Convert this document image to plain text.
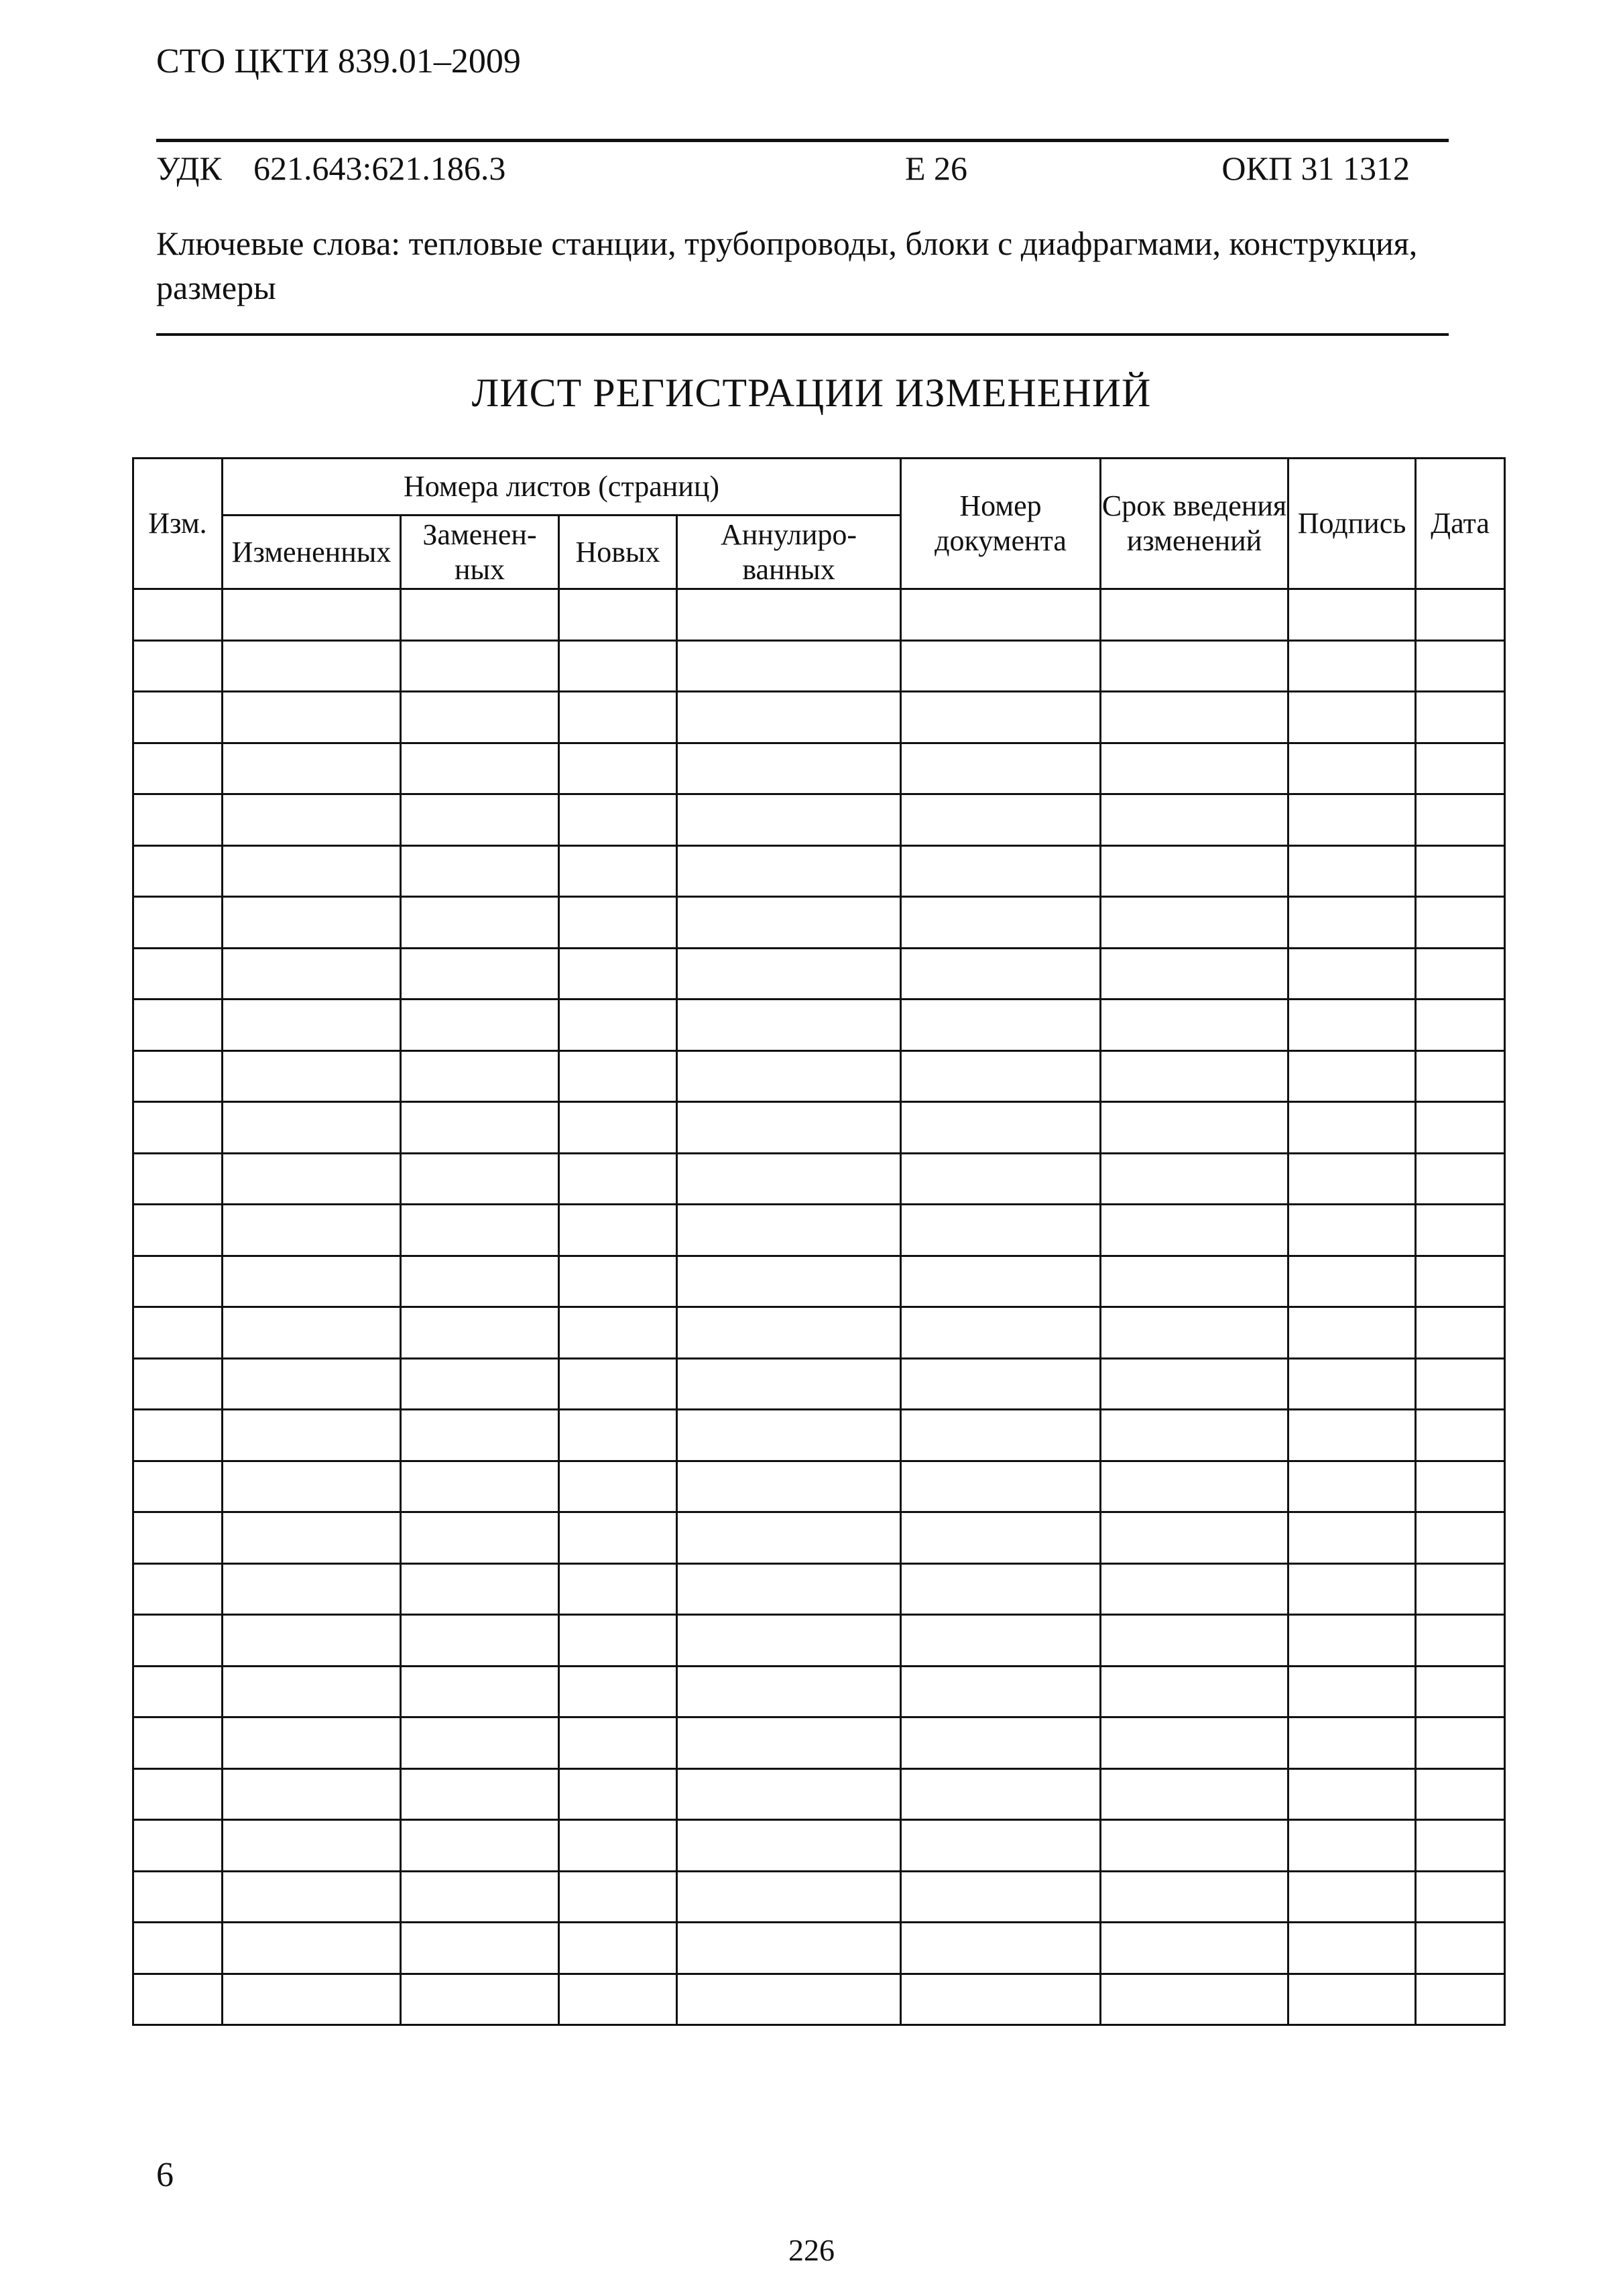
СТО ЦКТИ 839.01–2009
УДК 621.643:621.186.3	Е 26	ОКП 31 1312
Ключевые слова: тепловые станции, трубопроводы, блоки с диафрагмами, конструкция, размеры
ЛИСТ РЕГИСТРАЦИИ ИЗМЕНЕНИЙ
Изм.	Номера листов (страниц)				Номер документа	Срок введения изменений	Подпись	Дата
	Измененных	Заменен-ных	Новых	Аннулиро-ванных				

6
226
